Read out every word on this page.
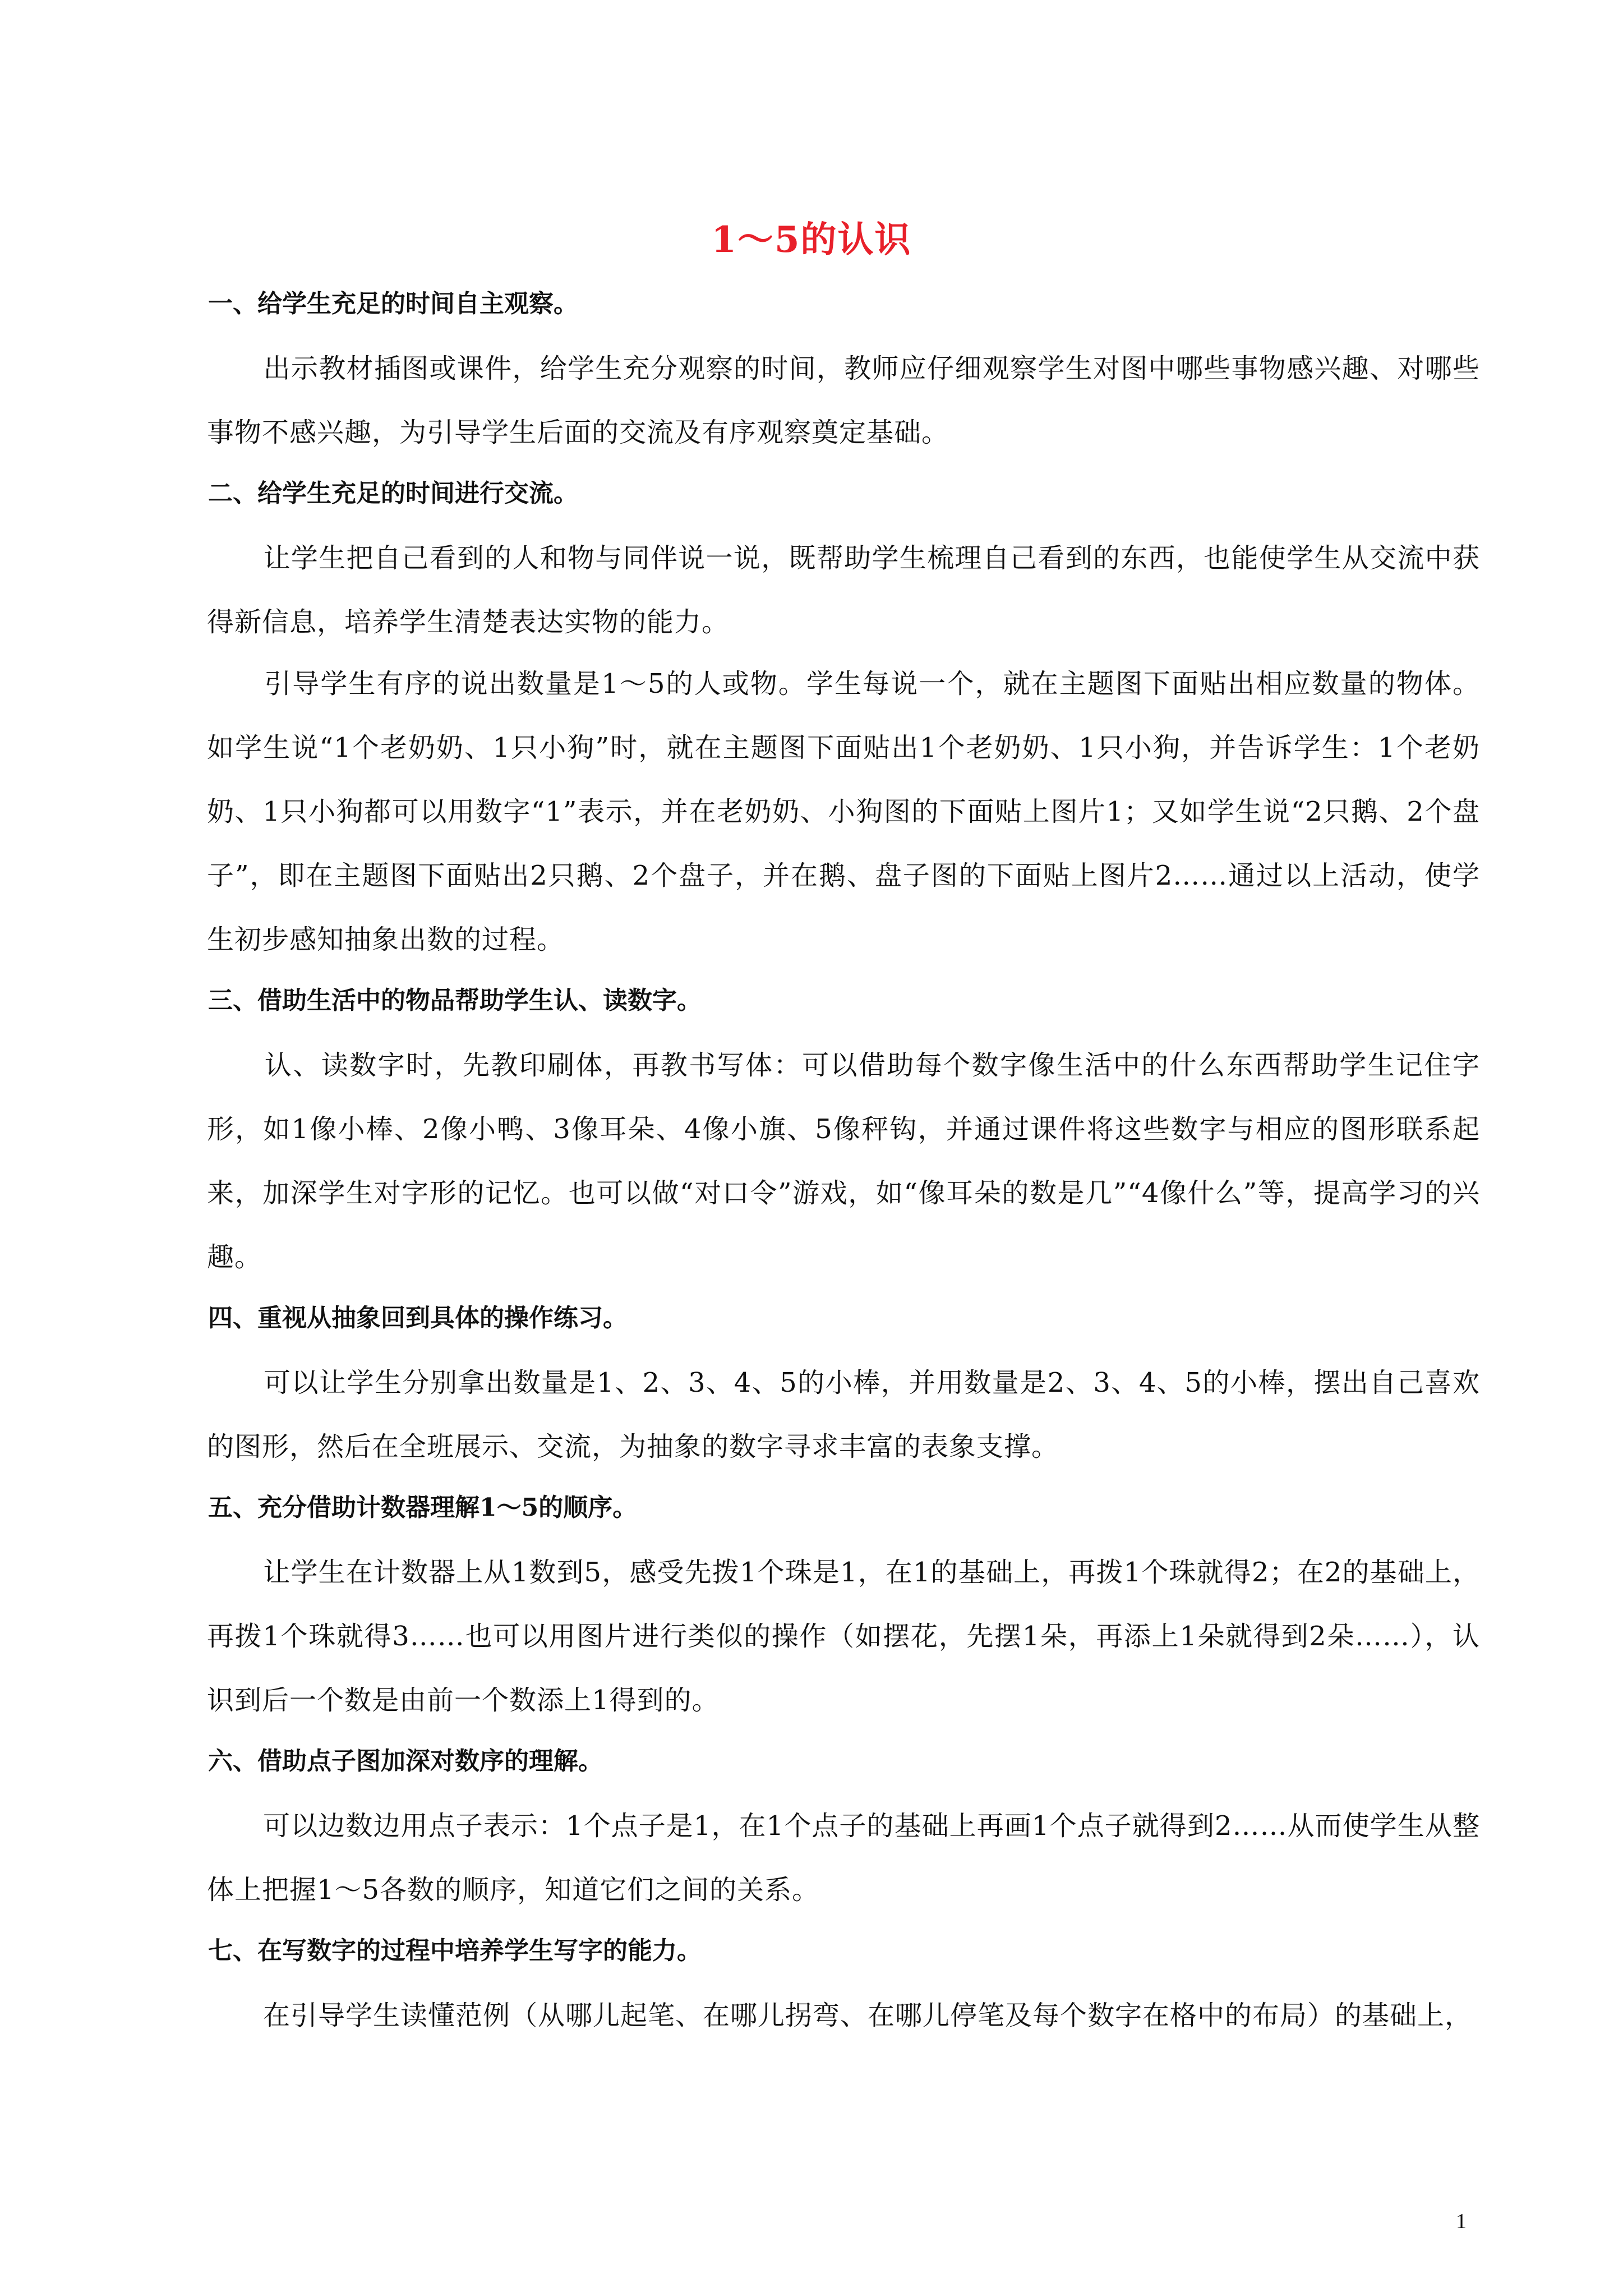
1～5的认识
一、给学生充足的时间自主观察。

　　出示教材插图或课件，给学生充分观察的时间，教师应仔细观察学生对图中哪些事物感兴趣、对哪些事物不感兴趣，为引导学生后面的交流及有序观察奠定基础。

二、给学生充足的时间进行交流。

　　让学生把自己看到的人和物与同伴说一说，既帮助学生梳理自己看到的东西，也能使学生从交流中获得新信息，培养学生清楚表达实物的能力。

　　引导学生有序的说出数量是1～5的人或物。学生每说一个，就在主题图下面贴出相应数量的物体。如学生说“1个老奶奶、1只小狗”时，就在主题图下面贴出1个老奶奶、1只小狗，并告诉学生：1个老奶奶、1只小狗都可以用数字“1”表示，并在老奶奶、小狗图的下面贴上图片1；又如学生说“2只鹅、2个盘子”，即在主题图下面贴出2只鹅、2个盘子，并在鹅、盘子图的下面贴上图片2……通过以上活动，使学生初步感知抽象出数的过程。

三、借助生活中的物品帮助学生认、读数字。

　　认、读数字时，先教印刷体，再教书写体：可以借助每个数字像生活中的什么东西帮助学生记住字形，如1像小棒、2像小鸭、3像耳朵、4像小旗、5像秤钩，并通过课件将这些数字与相应的图形联系起来，加深学生对字形的记忆。也可以做“对口令”游戏，如“像耳朵的数是几”“4像什么”等，提高学习的兴趣。

四、重视从抽象回到具体的操作练习。

　　可以让学生分别拿出数量是1、2、3、4、5的小棒，并用数量是2、3、4、5的小棒，摆出自己喜欢的图形，然后在全班展示、交流，为抽象的数字寻求丰富的表象支撑。

五、充分借助计数器理解1～5的顺序。

　　让学生在计数器上从1数到5，感受先拨1个珠是1，在1的基础上，再拨1个珠就得2；在2的基础上，再拨1个珠就得3……也可以用图片进行类似的操作（如摆花，先摆1朵，再添上1朵就得到2朵……），认识到后一个数是由前一个数添上1得到的。

六、借助点子图加深对数序的理解。

　　可以边数边用点子表示：1个点子是1，在1个点子的基础上再画1个点子就得到2……从而使学生从整体上把握1～5各数的顺序，知道它们之间的关系。

七、在写数字的过程中培养学生写字的能力。

　　在引导学生读懂范例（从哪儿起笔、在哪儿拐弯、在哪儿停笔及每个数字在格中的布局）的基础上，

1
